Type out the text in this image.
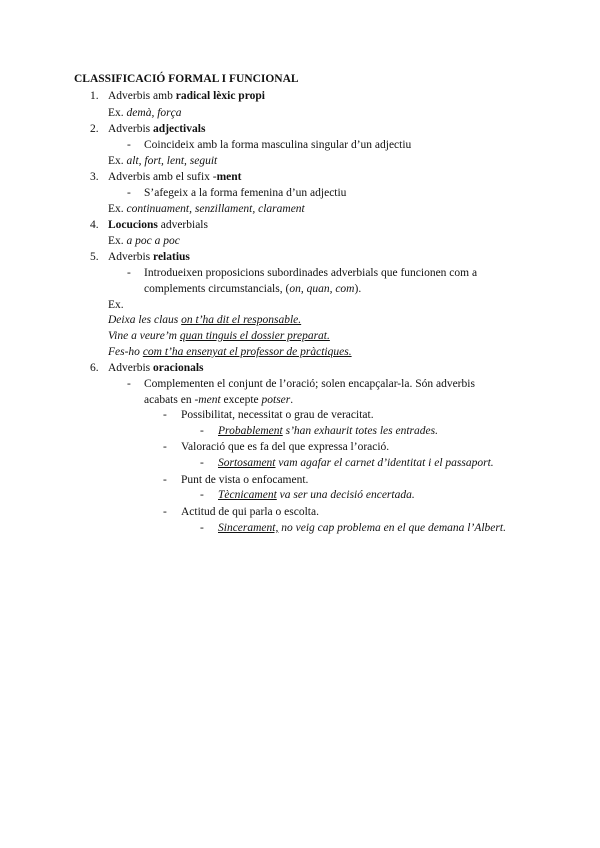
CLASSIFICACIÓ FORMAL I FUNCIONAL
1. Adverbis amb radical lèxic propi
Ex. demà, força
2. Adverbis adjectivals
- Coincideix amb la forma masculina singular d’un adjectiu
Ex. alt, fort, lent, seguit
3. Adverbis amb el sufix -ment
- S’afegeix a la forma femenina d’un adjectiu
Ex. continuament, senzillament, clarament
4. Locucions adverbials
Ex. a poc a poc
5. Adverbis relatius
- Introdueixen proposicions subordinades adverbials que funcionen com a
complements circumstancials, (on, quan, com).
Ex.
Deixa les claus on t’ha dit el responsable.
Vine a veure’m quan tinguis el dossier preparat.
Fes-ho com t’ha ensenyat el professor de pràctiques.
6. Adverbis oracionals
- Complementen el conjunt de l’oració; solen encapçalar-la. Són adverbis
acabats en -ment excepte potser.
- Possibilitat, necessitat o grau de veracitat.
- Probablement s’han exhaurit totes les entrades.
- Valoració que es fa del que expressa l’oració.
- Sortosament vam agafar el carnet d’identitat i el passaport.
- Punt de vista o enfocament.
- Tècnicament va ser una decisió encertada.
- Actitud de qui parla o escolta.
- Sincerament, no veig cap problema en el que demana l’Albert.
